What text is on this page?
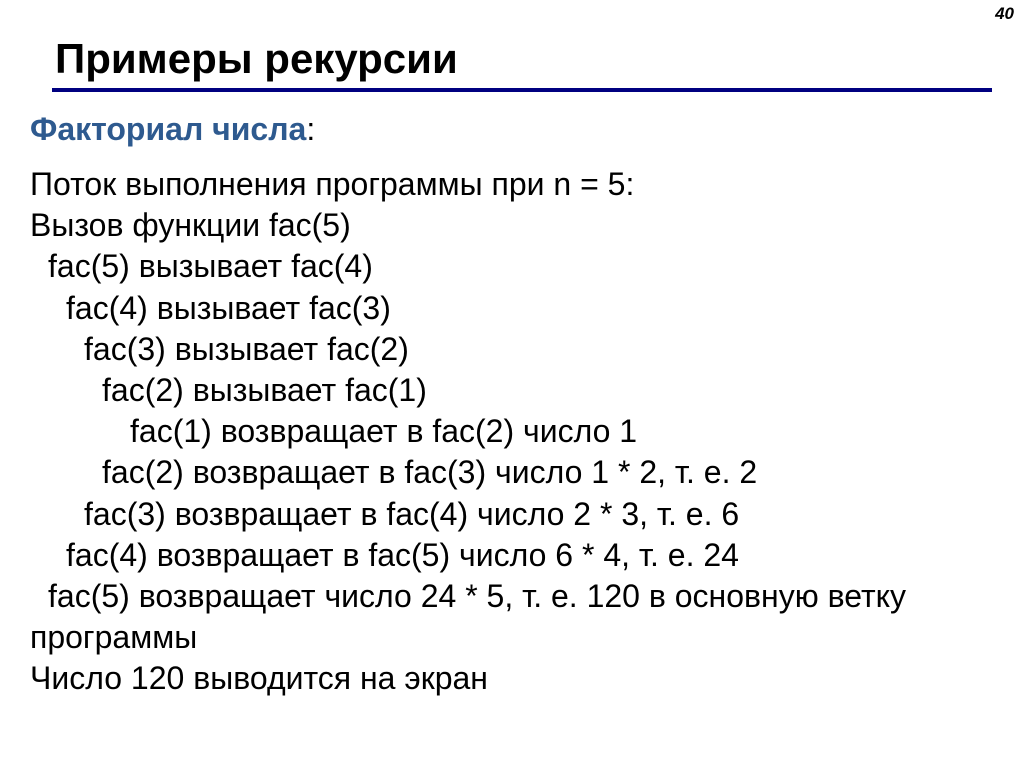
40
Примеры рекурсии
Факториал числа:
Поток выполнения программы при n = 5:
Вызов функции fac(5)
fac(5) вызывает fac(4)
fac(4) вызывает fac(3)
fac(3) вызывает fac(2)
fac(2) вызывает fac(1)
fac(1) возвращает в fac(2) число 1
fac(2) возвращает в fac(3) число 1 * 2, т. е. 2
fac(3) возвращает в fac(4) число 2 * 3, т. е. 6
fac(4) возвращает в fac(5) число 6 * 4, т. е. 24
fac(5) возвращает число 24 * 5, т. е. 120 в основную ветку
программы
Число 120 выводится на экран
